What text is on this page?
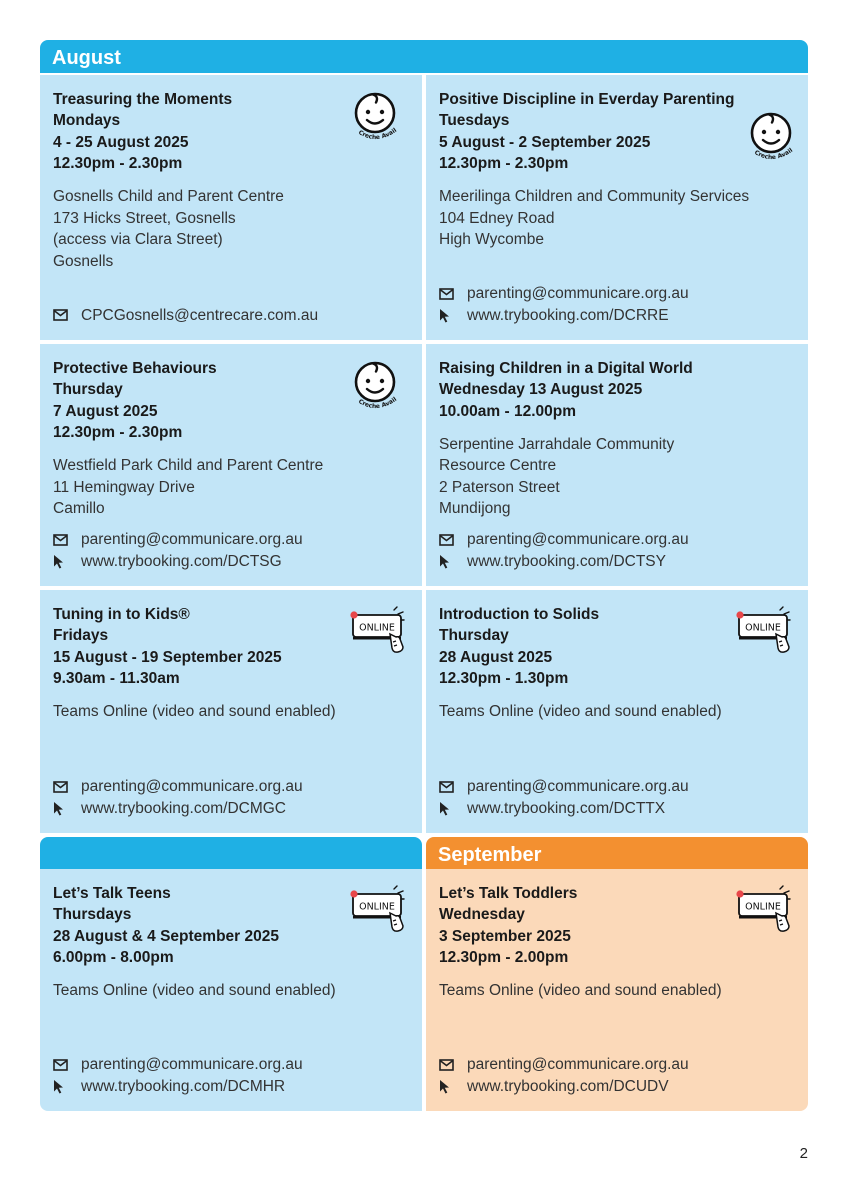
August
September
Treasuring the Moments
Mondays
4 - 25 August 2025
12.30pm - 2.30pm
Gosnells Child and Parent Centre
173 Hicks Street, Gosnells
(access via Clara Street)
Gosnells
CPCGosnells@centrecare.com.au
Creche Avail
Positive Discipline in Everday Parenting
Tuesdays
5 August - 2 September 2025
12.30pm - 2.30pm
Meerilinga Children and Community Services
104 Edney Road
High Wycombe
parenting@communicare.org.au
www.trybooking.com/DCRRE
Creche Avail
Protective Behaviours
Thursday
7 August 2025
12.30pm - 2.30pm
Westfield Park Child and Parent Centre
11 Hemingway Drive
Camillo
parenting@communicare.org.au
www.trybooking.com/DCTSG
Creche Avail
Raising Children in a Digital World
Wednesday 13 August 2025
10.00am - 12.00pm
Serpentine Jarrahdale Community
Resource Centre
2 Paterson Street
Mundijong
parenting@communicare.org.au
www.trybooking.com/DCTSY
Tuning in to Kids®
Fridays
15 August - 19 September 2025
9.30am - 11.30am
Teams Online (video and sound enabled)
parenting@communicare.org.au
www.trybooking.com/DCMGC
ONLINE
Introduction to Solids
Thursday
28 August 2025
12.30pm - 1.30pm
Teams Online (video and sound enabled)
parenting@communicare.org.au
www.trybooking.com/DCTTX
ONLINE
Let’s Talk Teens
Thursdays
28 August & 4 September 2025
6.00pm - 8.00pm
Teams Online (video and sound enabled)
parenting@communicare.org.au
www.trybooking.com/DCMHR
ONLINE
Let’s Talk Toddlers
Wednesday
3 September 2025
12.30pm - 2.00pm
Teams Online (video and sound enabled)
parenting@communicare.org.au
www.trybooking.com/DCUDV
ONLINE
2
